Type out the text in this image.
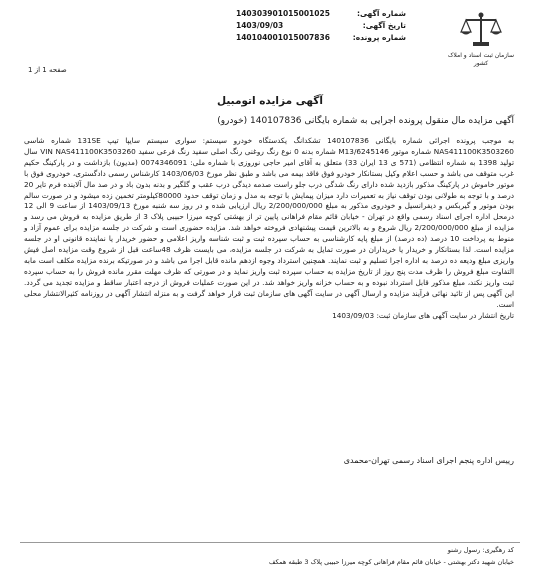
شماره آگهی:
140303901015001025
تاریخ آگهی:
1403/09/03
شماره پرونده:
140104001015007836
سازمان ثبت اسناد و املاک کشور
صفحه 1 از 1
آگهی مزایده اتومبیل
آگهی مزایده مال منقول پرونده اجرایی به شماره بایگانی 140107836 (خودرو)

به موجب پرونده اجرائی شماره بایگانی 140107836 تشکدانگ یکدستگاه خودرو سیستم: سواری سیستم سایپا تیپ 131SE شماره شاسی NAS411100K3503260 شماره موتور M13/6245146 شماره بدنه 0 نوع رنگ روغنی رنگ اصلی سفید رنگ فرعی سفید VIN NAS411100K3503260 سال تولید 1398 به شماره انتظامی (571 ی 13 ایران 33) متعلق به آقای امیر حاجی نوروزی با شماره ملی: 0074346091 (مدیون) بازداشت و در پارکینگ حکیم غرب متوقف می باشد و حسب اعلام وکیل بستانکار خودرو فوق فاقد بیمه می باشد و طبق نظر مورخ 1403/06/03 کارشناس رسمی دادگستری، خودروی فوق با موتور خاموش در پارکینگ مذکور بازدید شده دارای رنگ شدگی درب جلو راست صدمه دیدگی درب عقب و گلگیر و بدنه بدون باد و در صد مال آلاینده فرم تایر 20 درصد و با توجه به طولانی بودن توقف نیاز به تعمیرات دارد میزان پیمایش با توجه به مدل و زمان توقف حدود 80000کیلومتر تخمین زده میشود و در صورت سالم بودن موتور و گیربکس و دیفرانسیل و خودروی مذکور به مبلغ 2/200/000/000 ریال ارزیابی شده و در روز سه شنبه مورخ 1403/09/13 از ساعت 9 الی 12 درمحل اداره اجرای اسناد رسمی واقع در تهران - خیابان قائم مقام فراهانی پایین تر از بهشتی کوچه میرزا حبیبی پلاک 3 از طریق مزایده به فروش می رسد و مزایده از مبلغ 2/200/000/000 ریال شروع و به بالاترین قیمت پیشنهادی فروخته خواهد شد. مزایده حضوری است و شرکت در جلسه مزایده برای عموم آزاد و منوط به پرداخت 10 درصد (ده درصد) از مبلغ پایه کارشناسی به حساب سپرده ثبت و ثبت شناسه واریز اعلامی و حضور خریدار یا نماینده قانونی او در جلسه مزایده است. لذا بستانکار و خریدار یا خریداران در صورت تمایل به شرکت در جلسه مزایده، می بایست ظرف 48ساعت قبل از شروع وقت مزایده اصل فیش واریزی مبلغ ودیعه ده درصد به اداره اجرا تسلیم و ثبت نمایند. همچنین استرداد وجوه ازدهم مانده قابل اجرا می باشد و در صورتیکه برنده مزایده مکلف است مابه التفاوت مبلغ فروش را ظرف مدت پنج روز از تاریخ مزایده به حساب سپرده ثبت واریز نماید و در صورتی که ظرف مهلت مقرر مانده فروش را به حساب سپرده ثبت واریز نکند، مبلغ مذکور قابل استرداد نبوده و به حساب خزانه واریز خواهد شد. در این صورت عملیات فروش از درجه اعتبار ساقط و مزایده تجدید می گردد. این آگهی پس از تائید نهائی فرآیند مزایده و ارسال آگهی در سایت آگهی های سازمان ثبت قرار خواهد گرفت و به منزله انتشار آگهی در روزنامه کثیرالانتشار محلی است.
تاریخ انتشار در سایت آگهی های سازمان ثبت: 1403/09/03

رییس اداره پنجم اجرای اسناد رسمی تهران-محمدی
کد رهگیری: رسول رشنو
خیابان شهید دکتر بهشتی - خیابان قائم مقام فراهانی کوچه میرزا حبیبی پلاک 3 طبقه همکف
